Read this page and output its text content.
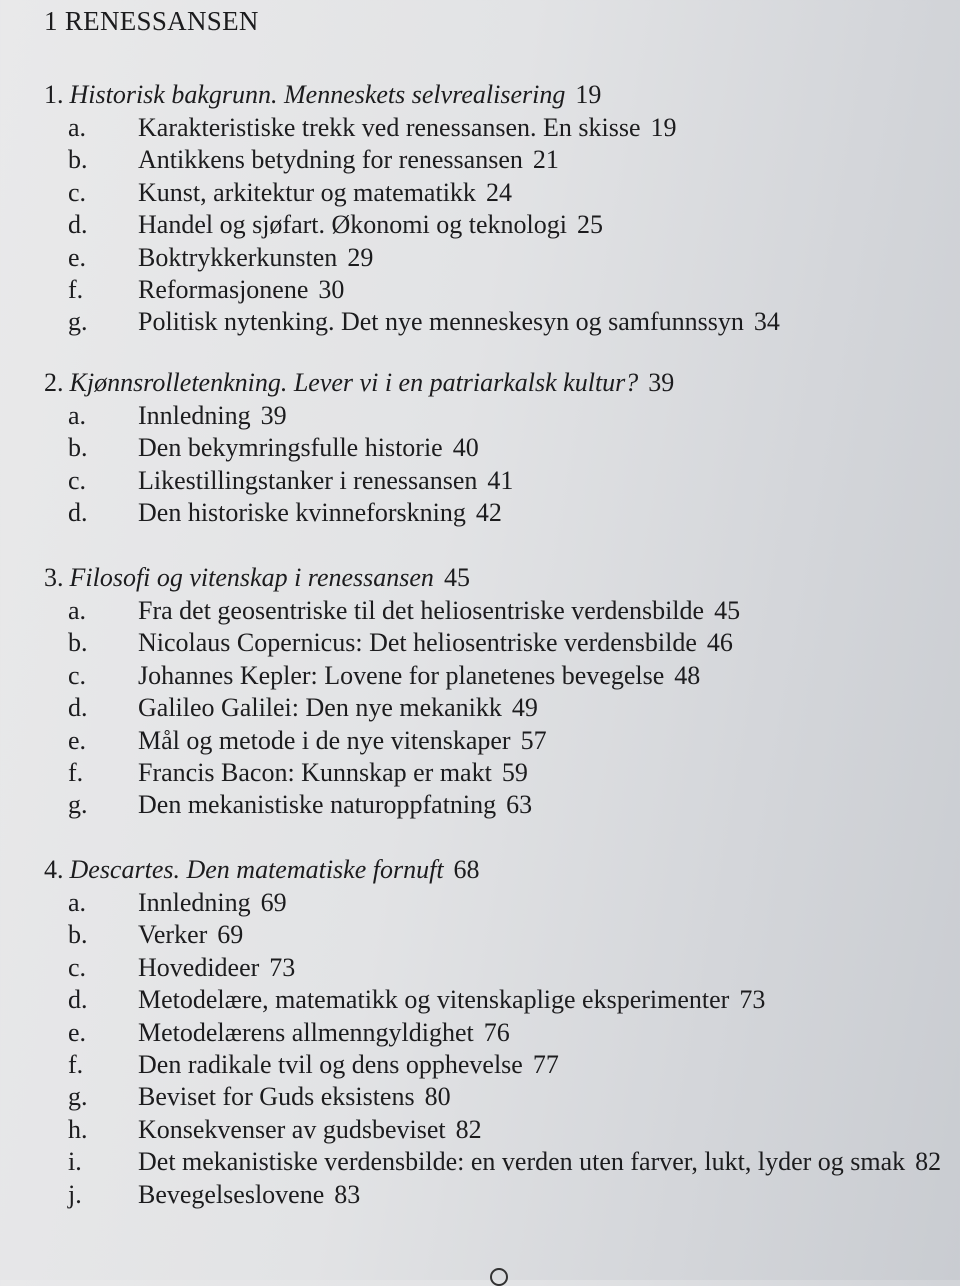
1 RENESSANSEN
1. Historisk bakgrunn. Menneskets selvrealisering 19
a.	Karakteristiske trekk ved renessansen. En skisse 19
b.	Antikkens betydning for renessansen 21
c.	Kunst, arkitektur og matematikk 24
d.	Handel og sjøfart. Økonomi og teknologi 25
e.	Boktrykkerkunsten 29
f.	Reformasjonene 30
g.	Politisk nytenking. Det nye menneskesyn og samfunnssyn 34
2. Kjønnsrolletenkning. Lever vi i en patriarkalsk kultur? 39
a.	Innledning 39
b.	Den bekymringsfulle historie 40
c.	Likestillingstanker i renessansen 41
d.	Den historiske kvinneforskning 42
3. Filosofi og vitenskap i renessansen 45
a.	Fra det geosentriske til det heliosentriske verdensbilde 45
b.	Nicolaus Copernicus: Det heliosentriske verdensbilde 46
c.	Johannes Kepler: Lovene for planetenes bevegelse 48
d.	Galileo Galilei: Den nye mekanikk 49
e.	Mål og metode i de nye vitenskaper 57
f.	Francis Bacon: Kunnskap er makt 59
g.	Den mekanistiske naturoppfatning 63
4. Descartes. Den matematiske fornuft 68
a.	Innledning 69
b.	Verker 69
c.	Hovedideer 73
d.	Metodelære, matematikk og vitenskaplige eksperimenter 73
e.	Metodelærens allmenngyldighet 76
f.	Den radikale tvil og dens opphevelse 77
g.	Beviset for Guds eksistens 80
h.	Konsekvenser av gudsbeviset 82
i.	Det mekanistiske verdensbilde: en verden uten farver, lukt, lyder og smak 82
j.	Bevegelseslovene 83
